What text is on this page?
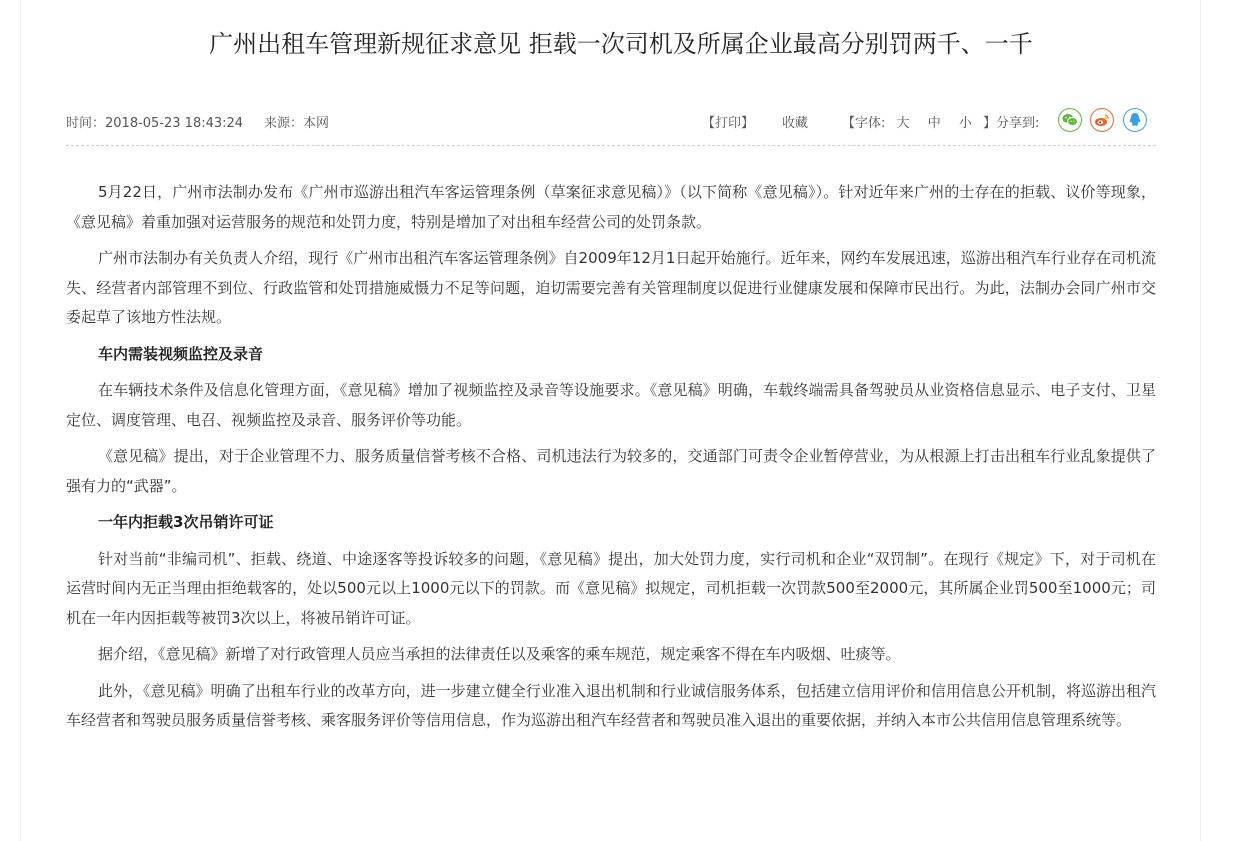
广州出租车管理新规征求意见 拒载一次司机及所属企业最高分别罚两千、一千
时间：2018-05-23 18:43:24 来源：本网	【打印】 收藏	【字体: 大 中 小 】 分享到:

5月22日，广州市法制办发布《广州市巡游出租汽车客运管理条例（草案征求意见稿）》（以下简称《意见稿》）。针对近年来广州的士存在的拒载、议价等现象，《意见稿》着重加强对运营服务的规范和处罚力度，特别是增加了对出租车经营公司的处罚条款。

广州市法制办有关负责人介绍，现行《广州市出租汽车客运管理条例》自2009年12月1日起开始施行。近年来，网约车发展迅速，巡游出租汽车行业存在司机流失、经营者内部管理不到位、行政监管和处罚措施威慑力不足等问题，迫切需要完善有关管理制度以促进行业健康发展和保障市民出行。为此，法制办会同广州市交委起草了该地方性法规。

车内需装视频监控及录音

在车辆技术条件及信息化管理方面，《意见稿》增加了视频监控及录音等设施要求。《意见稿》明确，车载终端需具备驾驶员从业资格信息显示、电子支付、卫星定位、调度管理、电召、视频监控及录音、服务评价等功能。

《意见稿》提出，对于企业管理不力、服务质量信誉考核不合格、司机违法行为较多的，交通部门可责令企业暂停营业，为从根源上打击出租车行业乱象提供了强有力的“武器”。

一年内拒载3次吊销许可证

针对当前“非编司机”、拒载、绕道、中途逐客等投诉较多的问题，《意见稿》提出，加大处罚力度，实行司机和企业“双罚制”。在现行《规定》下，对于司机在运营时间内无正当理由拒绝载客的，处以500元以上1000元以下的罚款。而《意见稿》拟规定，司机拒载一次罚款500至2000元，其所属企业罚500至1000元；司机在一年内因拒载等被罚3次以上，将被吊销许可证。

据介绍，《意见稿》新增了对行政管理人员应当承担的法律责任以及乘客的乘车规范，规定乘客不得在车内吸烟、吐痰等。

此外，《意见稿》明确了出租车行业的改革方向，进一步建立健全行业准入退出机制和行业诚信服务体系，包括建立信用评价和信用信息公开机制，将巡游出租汽车经营者和驾驶员服务质量信誉考核、乘客服务评价等信用信息，作为巡游出租汽车经营者和驾驶员准入退出的重要依据，并纳入本市公共信用信息管理系统等。
